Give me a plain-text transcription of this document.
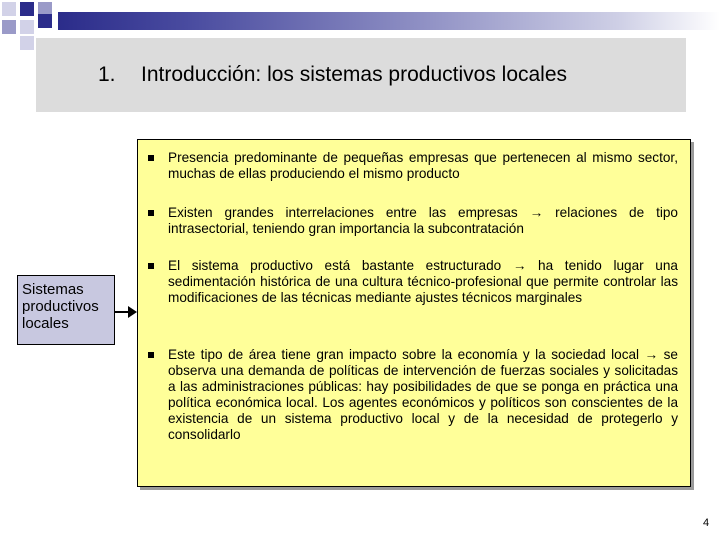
1. Introducción: los sistemas productivos locales
Sistemas productivos locales
Presencia predominante de pequeñas empresas que pertenecen al mismo sector, muchas de ellas produciendo el mismo producto
Existen grandes interrelaciones entre las empresas → relaciones de tipo intrasectorial, teniendo gran importancia la subcontratación
El sistema productivo está bastante estructurado → ha tenido lugar una sedimentación histórica de una cultura técnico-profesional que permite controlar las modificaciones de las técnicas mediante ajustes técnicos marginales
Este tipo de área tiene gran impacto sobre la economía y la sociedad local → se observa una demanda de políticas de intervención de fuerzas sociales y solicitadas a las administraciones públicas: hay posibilidades de que se ponga en práctica una política económica local. Los agentes económicos y políticos son conscientes de la existencia de un sistema productivo local y de la necesidad de protegerlo y consolidarlo
4
